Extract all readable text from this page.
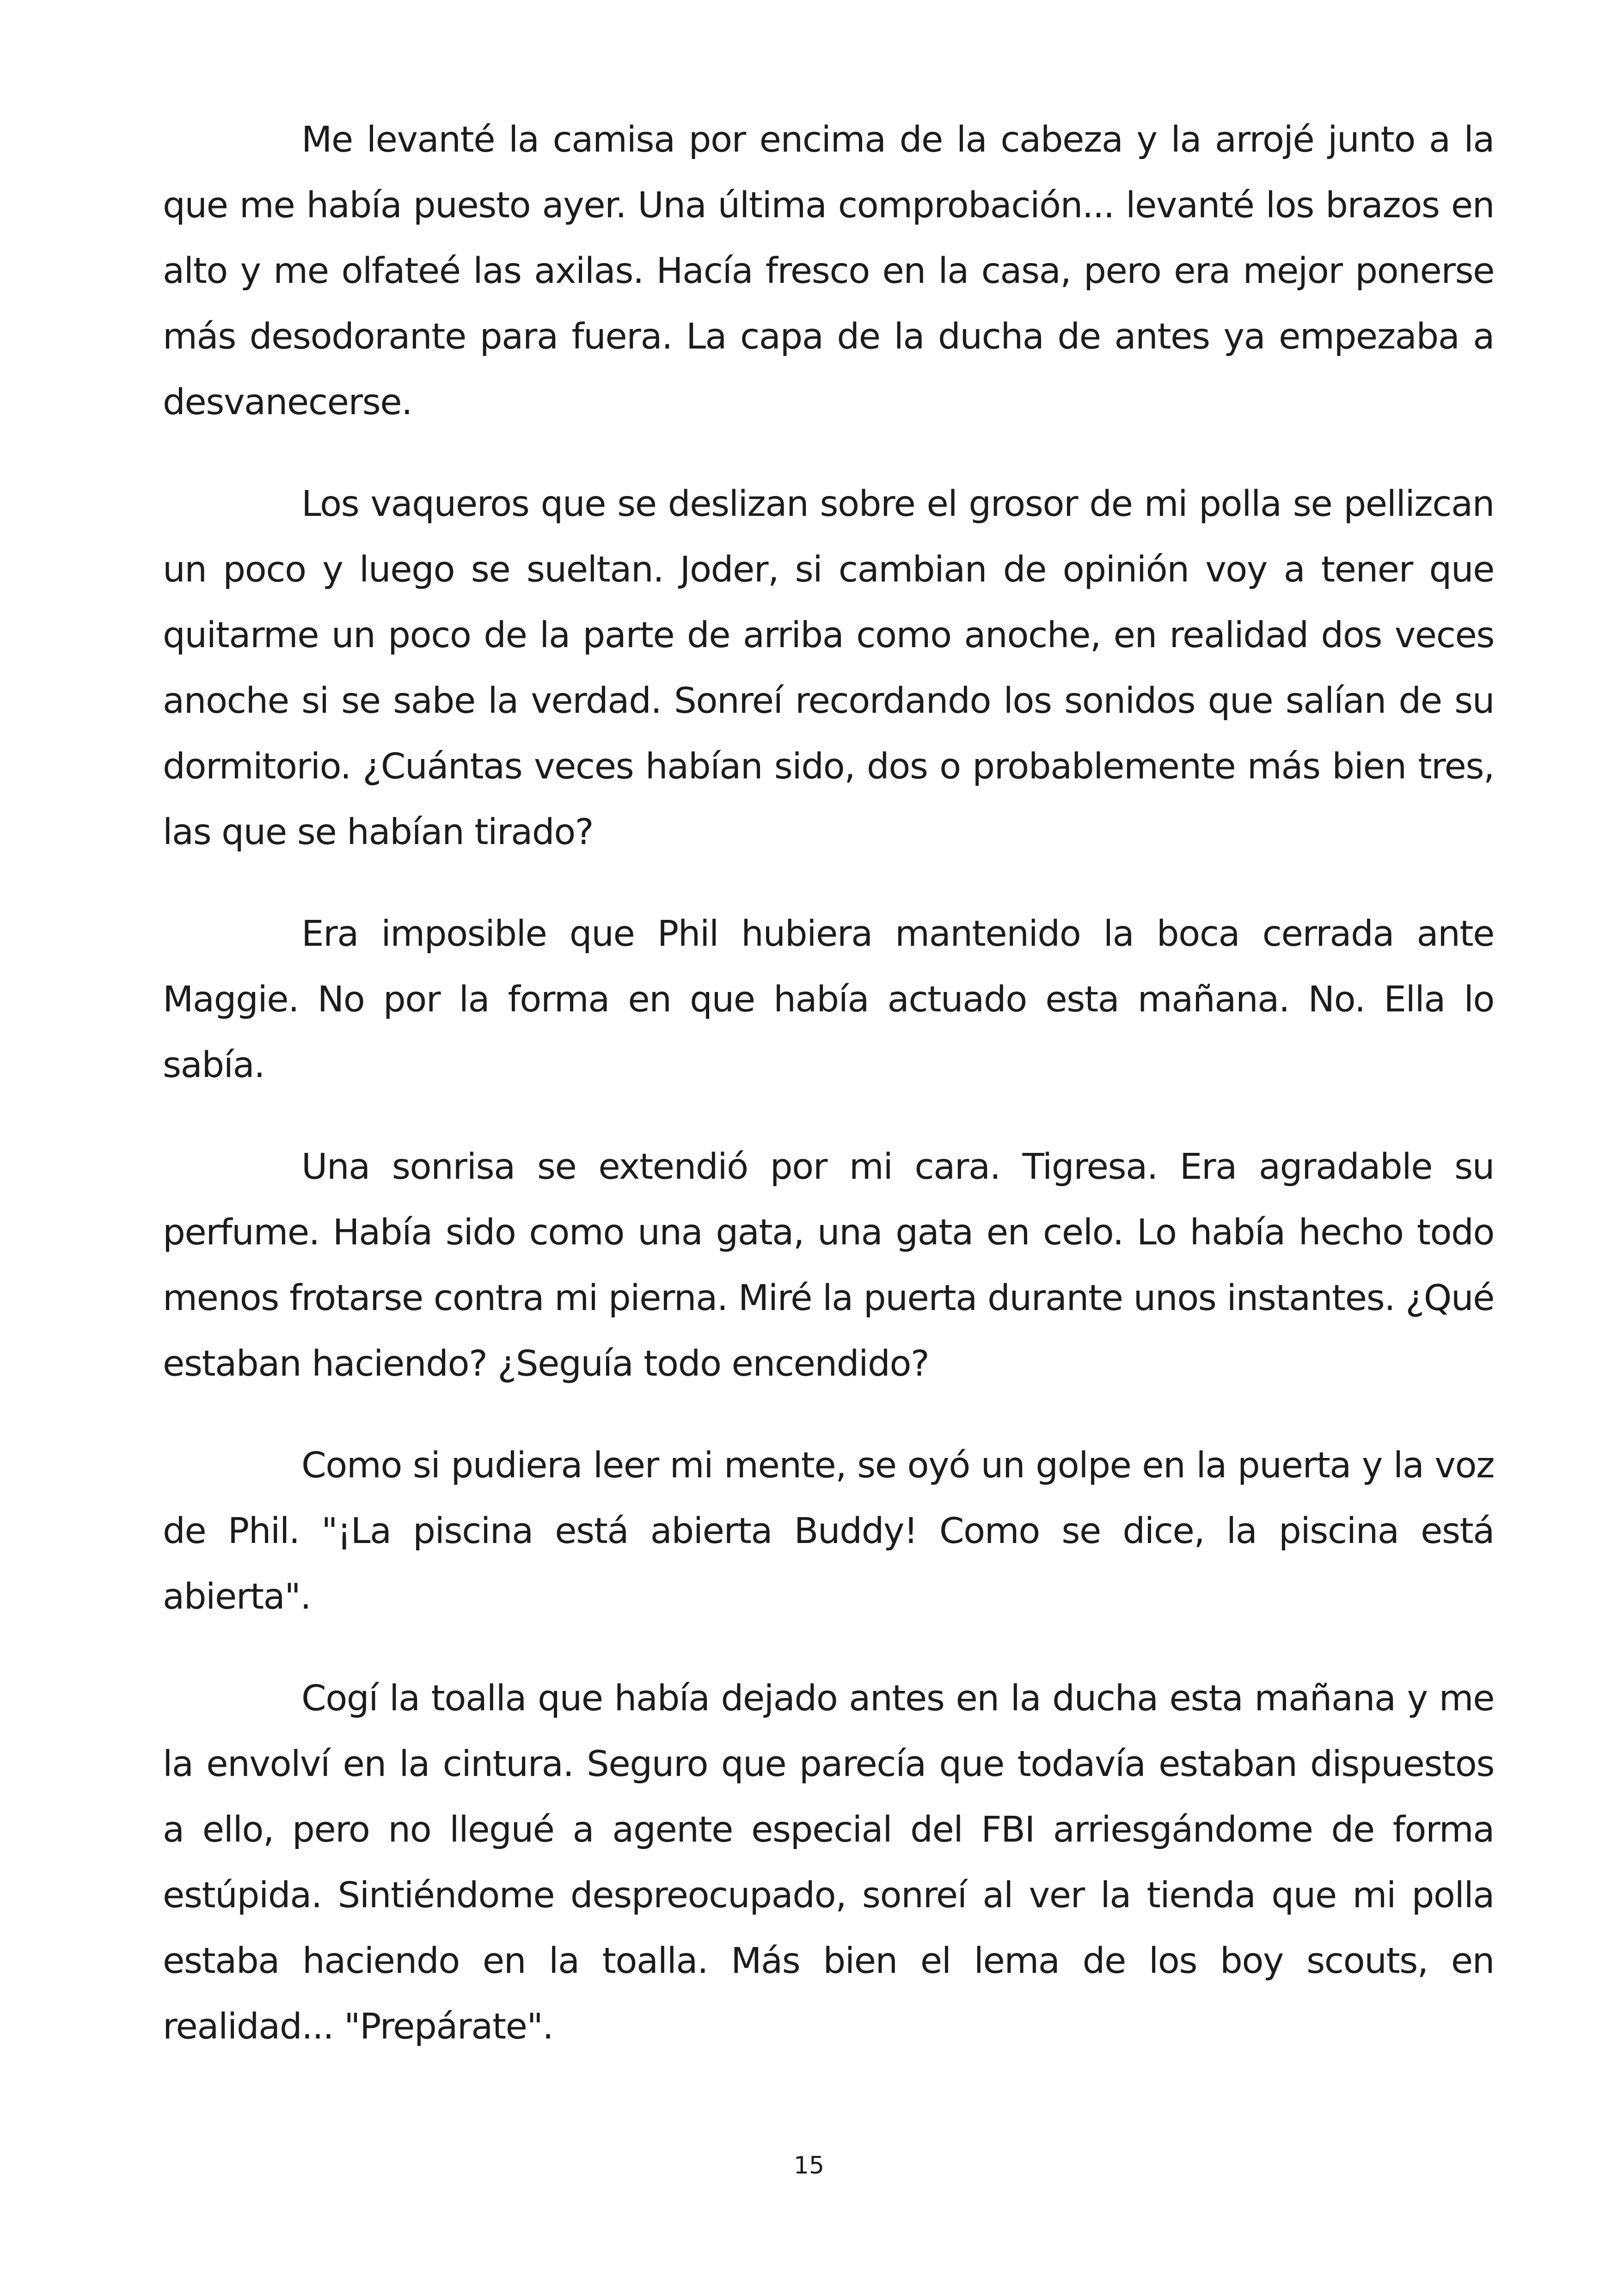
Me levanté la camisa por encima de la cabeza y la arrojé junto a la que me había puesto ayer. Una última comprobación... levanté los brazos en alto y me olfateé las axilas. Hacía fresco en la casa, pero era mejor ponerse más desodorante para fuera. La capa de la ducha de antes ya empezaba a desvanecerse.

Los vaqueros que se deslizan sobre el grosor de mi polla se pellizcan un poco y luego se sueltan. Joder, si cambian de opinión voy a tener que quitarme un poco de la parte de arriba como anoche, en realidad dos veces anoche si se sabe la verdad. Sonreí recordando los sonidos que salían de su dormitorio. ¿Cuántas veces habían sido, dos o probablemente más bien tres, las que se habían tirado?

Era imposible que Phil hubiera mantenido la boca cerrada ante Maggie. No por la forma en que había actuado esta mañana. No. Ella lo sabía.

Una sonrisa se extendió por mi cara. Tigresa. Era agradable su perfume. Había sido como una gata, una gata en celo. Lo había hecho todo menos frotarse contra mi pierna. Miré la puerta durante unos instantes. ¿Qué estaban haciendo? ¿Seguía todo encendido?

Como si pudiera leer mi mente, se oyó un golpe en la puerta y la voz de Phil. "¡La piscina está abierta Buddy! Como se dice, la piscina está abierta".

Cogí la toalla que había dejado antes en la ducha esta mañana y me la envolví en la cintura. Seguro que parecía que todavía estaban dispuestos a ello, pero no llegué a agente especial del FBI arriesgándome de forma estúpida. Sintiéndome despreocupado, sonreí al ver la tienda que mi polla estaba haciendo en la toalla. Más bien el lema de los boy scouts, en realidad... "Prepárate".

15
